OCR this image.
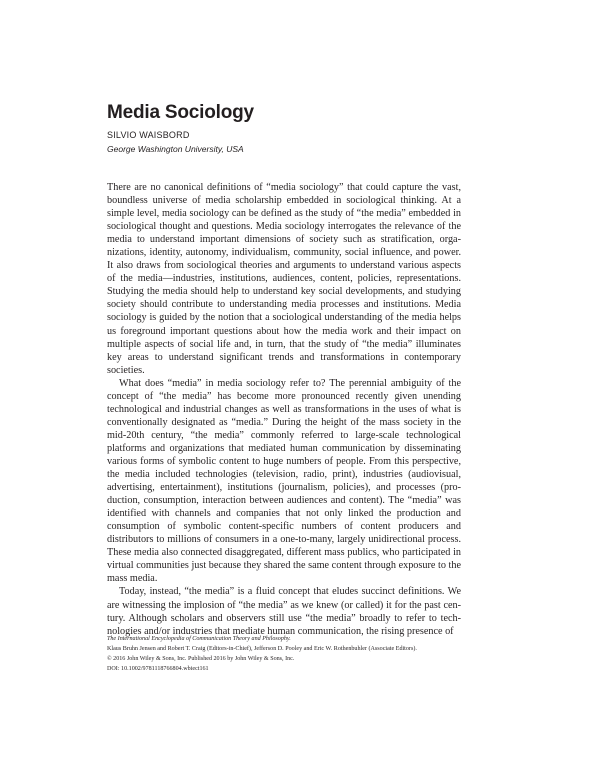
Media Sociology
SILVIO WAISBORD
George Washington University, USA

There are no canonical definitions of “media sociology” that could capture the vast, boundless universe of media scholarship embedded in sociological thinking. At a simple level, media sociology can be defined as the study of “the media” embedded in sociological thought and questions. Media sociology interrogates the relevance of the media to understand important dimensions of society such as stratification, organizations, identity, autonomy, individualism, community, social influence, and power. It also draws from sociological theories and arguments to understand various aspects of the media—industries, institutions, audiences, content, policies, representations. Studying the media should help to understand key social developments, and studying society should contribute to understanding media processes and institutions. Media sociology is guided by the notion that a sociological understanding of the media helps us foreground important questions about how the media work and their impact on multiple aspects of social life and, in turn, that the study of “the media” illuminates key areas to understand significant trends and transformations in contemporary societies.

What does “media” in media sociology refer to? The perennial ambiguity of the concept of “the media” has become more pronounced recently given unending technological and industrial changes as well as transformations in the uses of what is conventionally designated as “media.” During the height of the mass society in the mid-20th century, “the media” commonly referred to large-scale technological platforms and organizations that mediated human communication by disseminating various forms of symbolic content to huge numbers of people. From this perspective, the media included technologies (television, radio, print), industries (audiovisual, advertising, entertainment), institutions (journalism, policies), and processes (production, consumption, interaction between audiences and content). The “media” was identified with channels and companies that not only linked the production and consumption of symbolic content-specific numbers of content producers and distributors to millions of consumers in a one-to-many, largely unidirectional process. These media also connected disaggregated, different mass publics, who participated in virtual communities just because they shared the same content through exposure to the mass media.

Today, instead, “the media” is a fluid concept that eludes succinct definitions. We are witnessing the implosion of “the media” as we knew (or called) it for the past century. Although scholars and observers still use “the media” broadly to refer to technologies and/or industries that mediate human communication, the rising presence of

The International Encyclopedia of Communication Theory and Philosophy.
Klaus Bruhn Jensen and Robert T. Craig (Editors-in-Chief), Jefferson D. Pooley and Eric W. Rothenbuhler (Associate Editors).
© 2016 John Wiley & Sons, Inc. Published 2016 by John Wiley & Sons, Inc.
DOI: 10.1002/9781118766804.wbiect161
